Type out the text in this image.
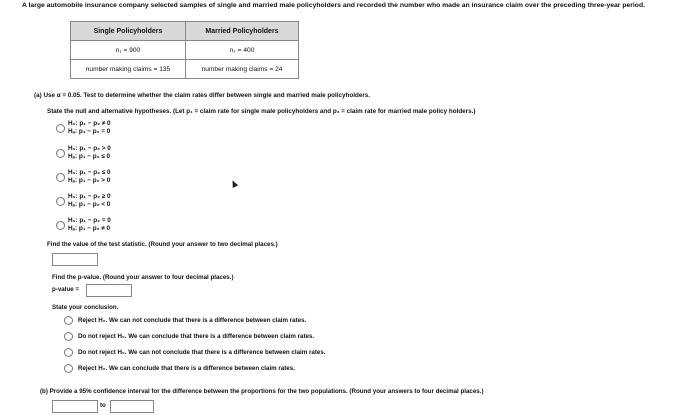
A large automobile insurance company selected samples of single and married male policyholders and recorded the number who made an insurance claim over the preceding three-year period.
Single Policyholders	Married Policyholders
n₁ = 900	n₂ = 400
number making claims = 135	number making claims = 24
(a) Use α = 0.05. Test to determine whether the claim rates differ between single and married male policyholders.
State the null and alternative hypotheses. (Let p₁ = claim rate for single male policyholders and p₂ = claim rate for married male policy holders.)
H₀: p₁ − p₂ ≠ 0
Hₐ: p₁ − p₂ = 0
H₀: p₁ − p₂ > 0
Hₐ: p₁ − p₂ ≤ 0
H₀: p₁ − p₂ ≤ 0
Hₐ: p₁ − p₂ > 0
H₀: p₁ − p₂ ≥ 0
Hₐ: p₁ − p₂ < 0
H₀: p₁ − p₂ = 0
Hₐ: p₁ − p₂ ≠ 0
Find the value of the test statistic. (Round your answer to two decimal places.)
Find the p-value. (Round your answer to four decimal places.)
p-value =
State your conclusion.
Reject H₀. We can not conclude that there is a difference between claim rates.
Do not reject H₀. We can conclude that there is a difference between claim rates.
Do not reject H₀. We can not conclude that there is a difference between claim rates.
Reject H₀. We can conclude that there is a difference between claim rates.
(b) Provide a 95% confidence interval for the difference between the proportions for the two populations. (Round your answers to four decimal places.)
to
